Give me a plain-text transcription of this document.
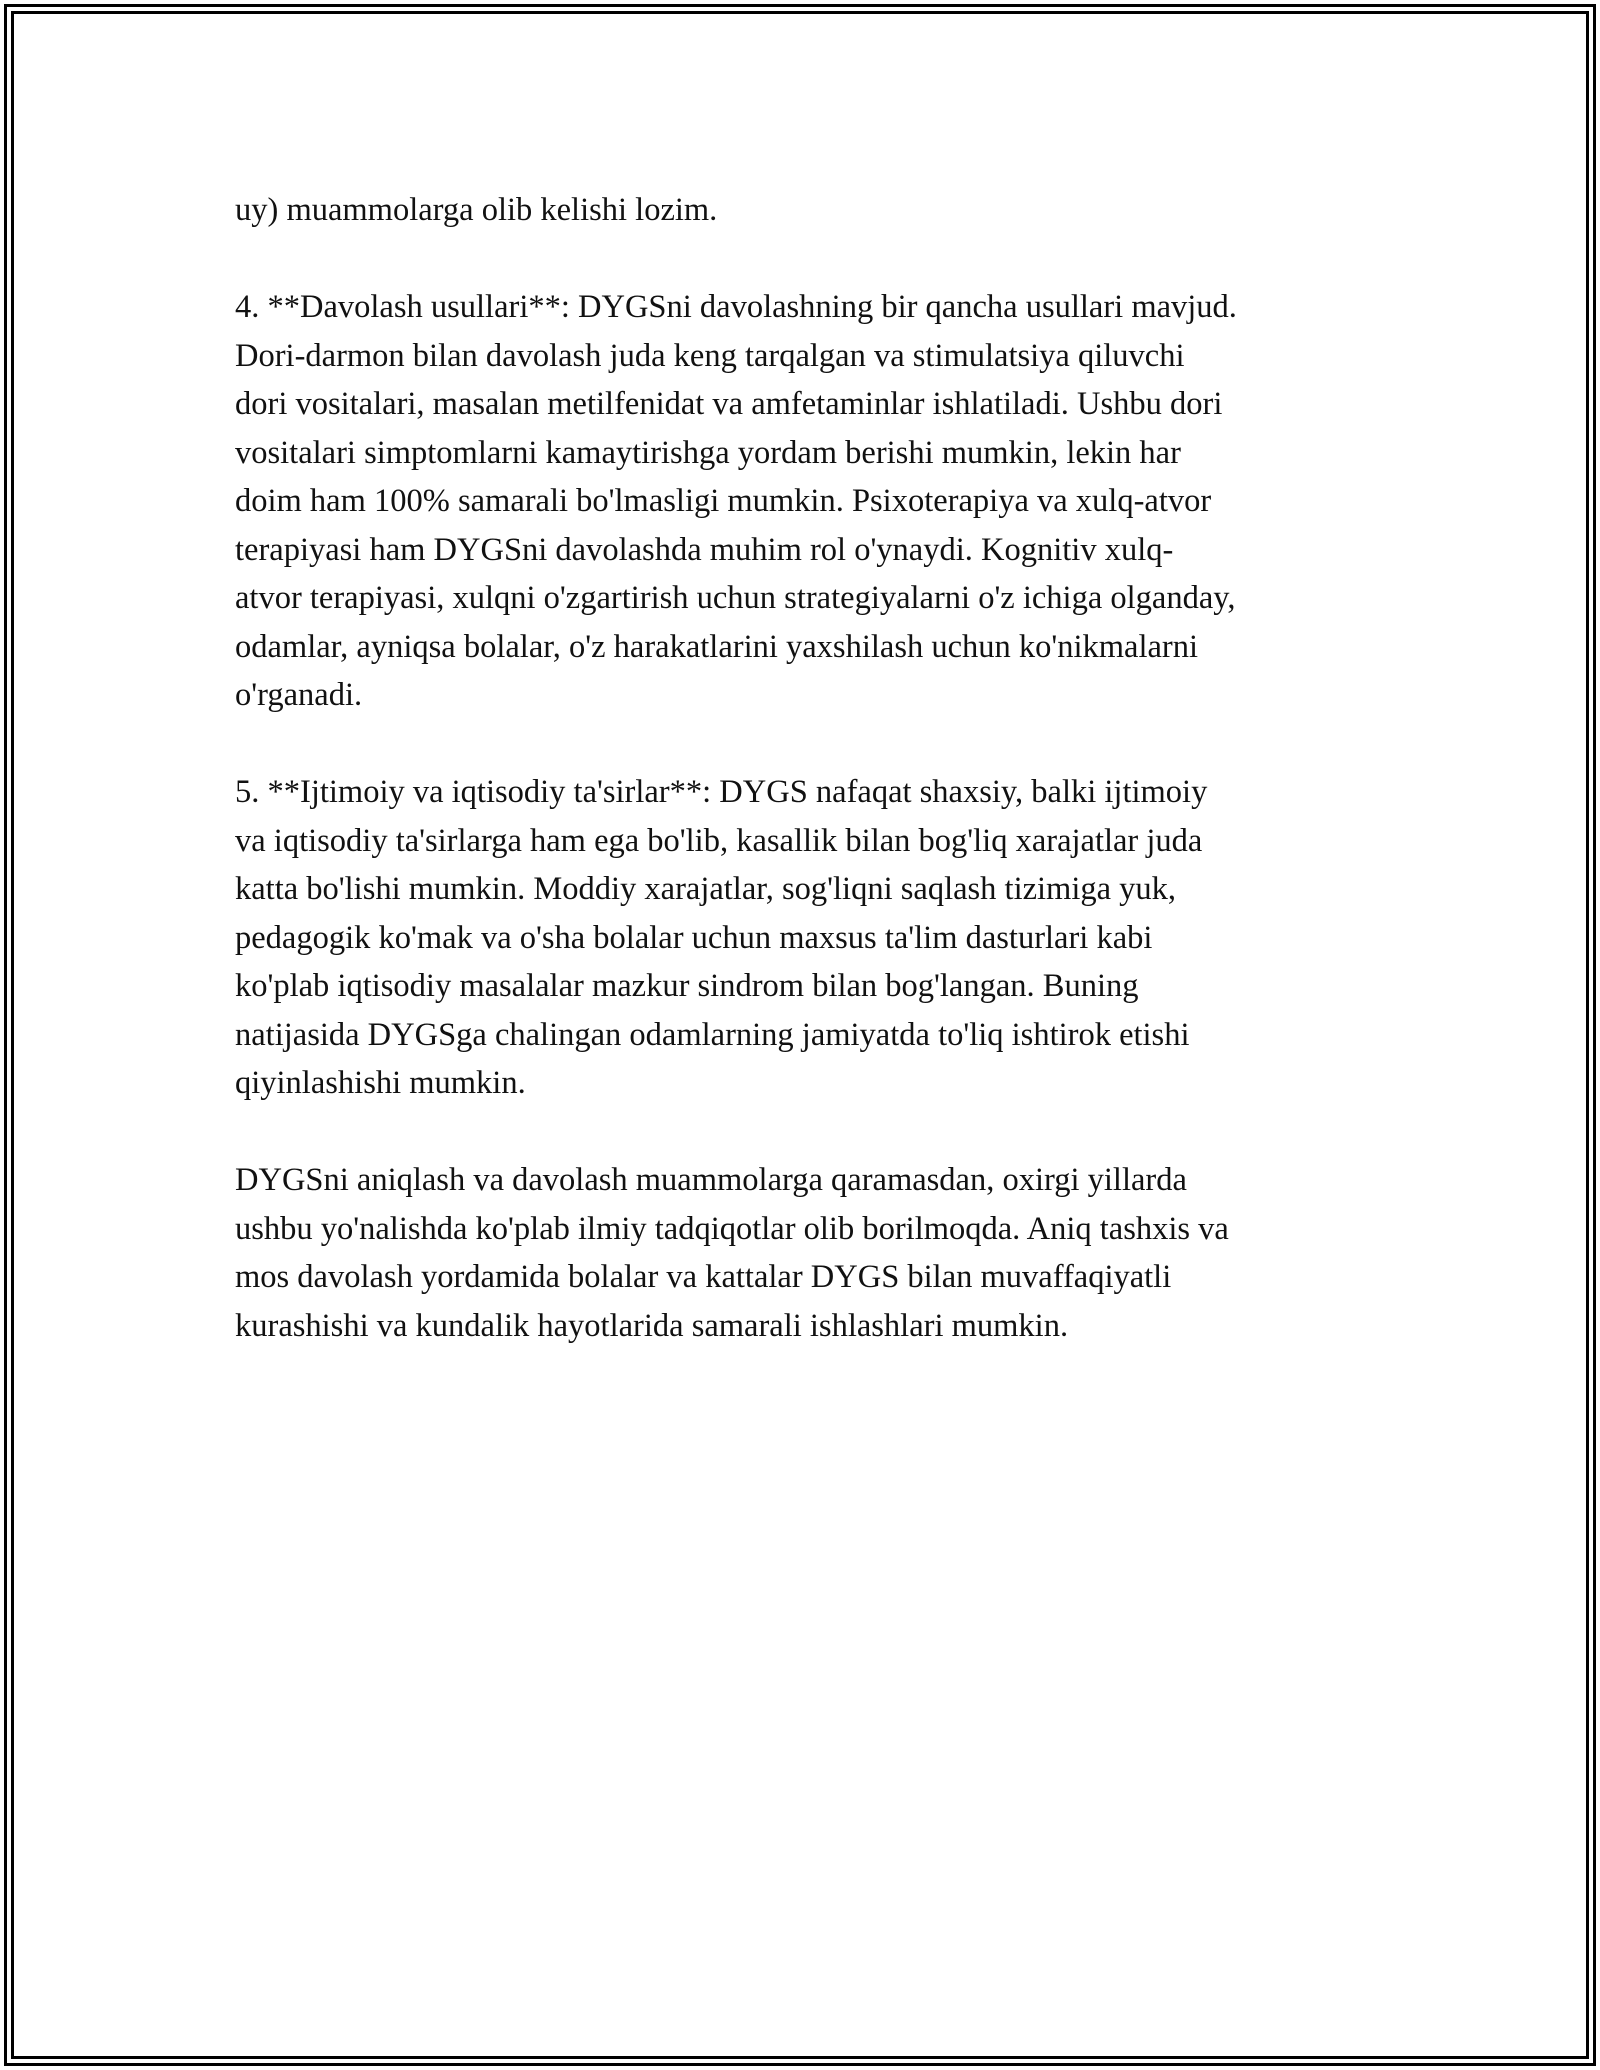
uy) muammolarga olib kelishi lozim.

4. **Davolash usullari**: DYGSni davolashning bir qancha usullari mavjud.
Dori-darmon bilan davolash juda keng tarqalgan va stimulatsiya qiluvchi
dori vositalari, masalan metilfenidat va amfetaminlar ishlatiladi. Ushbu dori
vositalari simptomlarni kamaytirishga yordam berishi mumkin, lekin har
doim ham 100% samarali bo'lmasligi mumkin. Psixoterapiya va xulq-atvor
terapiyasi ham DYGSni davolashda muhim rol o'ynaydi. Kognitiv xulq-
atvor terapiyasi, xulqni o'zgartirish uchun strategiyalarni o'z ichiga olganday,
odamlar, ayniqsa bolalar, o'z harakatlarini yaxshilash uchun ko'nikmalarni
o'rganadi.

5. **Ijtimoiy va iqtisodiy ta'sirlar**: DYGS nafaqat shaxsiy, balki ijtimoiy
va iqtisodiy ta'sirlarga ham ega bo'lib, kasallik bilan bog'liq xarajatlar juda
katta bo'lishi mumkin. Moddiy xarajatlar, sog'liqni saqlash tizimiga yuk,
pedagogik ko'mak va o'sha bolalar uchun maxsus ta'lim dasturlari kabi
ko'plab iqtisodiy masalalar mazkur sindrom bilan bog'langan. Buning
natijasida DYGSga chalingan odamlarning jamiyatda to'liq ishtirok etishi
qiyinlashishi mumkin.

DYGSni aniqlash va davolash muammolarga qaramasdan, oxirgi yillarda
ushbu yo'nalishda ko'plab ilmiy tadqiqotlar olib borilmoqda. Aniq tashxis va
mos davolash yordamida bolalar va kattalar DYGS bilan muvaffaqiyatli
kurashishi va kundalik hayotlarida samarali ishlashlari mumkin.
